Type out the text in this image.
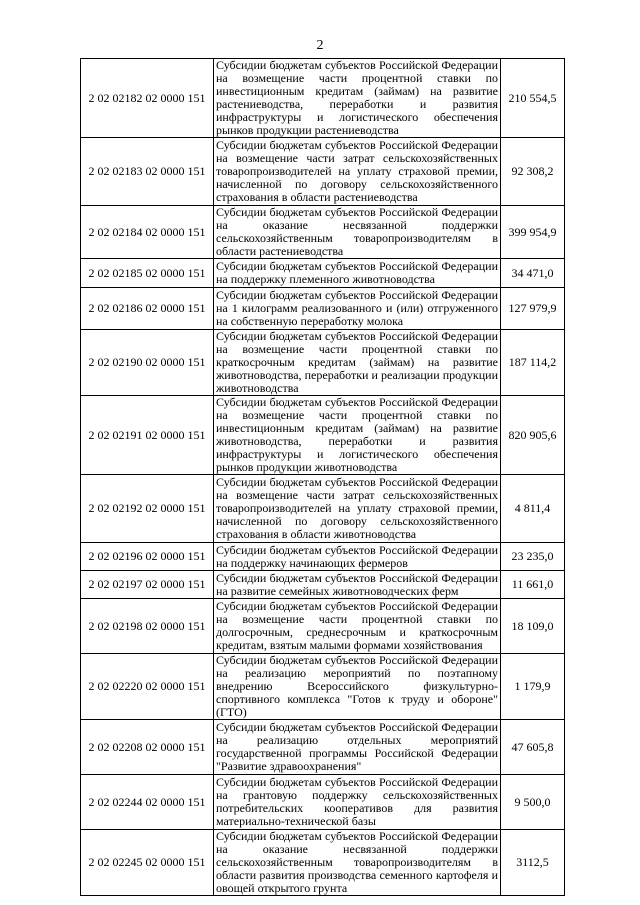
2
2 02 02182 02 0000 151	Субсидии бюджетам субъектов Российской Федерации на возмещение части процентной ставки по инвестиционным кредитам (займам) на развитие растениеводства, переработки и развития инфраструктуры и логистического обеспечения рынков продукции растениеводства	210 554,5
2 02 02183 02 0000 151	Субсидии бюджетам субъектов Российской Федерации на возмещение части затрат сельскохозяйственных товаропроизводителей на уплату страховой премии, начисленной по договору сельскохозяйственного страхования в области растениеводства	92 308,2
2 02 02184 02 0000 151	Субсидии бюджетам субъектов Российской Федерации на оказание несвязанной поддержки сельскохозяйственным товаропроизводителям в области растениеводства	399 954,9
2 02 02185 02 0000 151	Субсидии бюджетам субъектов Российской Федерации на поддержку племенного животноводства	34 471,0
2 02 02186 02 0000 151	Субсидии бюджетам субъектов Российской Федерации на 1 килограмм реализованного и (или) отгруженного на собственную переработку молока	127 979,9
2 02 02190 02 0000 151	Субсидии бюджетам субъектов Российской Федерации на возмещение части процентной ставки по краткосрочным кредитам (займам) на развитие животноводства, переработки и реализации продукции животноводства	187 114,2
2 02 02191 02 0000 151	Субсидии бюджетам субъектов Российской Федерации на возмещение части процентной ставки по инвестиционным кредитам (займам) на развитие животноводства, переработки и развития инфраструктуры и логистического обеспечения рынков продукции животноводства	820 905,6
2 02 02192 02 0000 151	Субсидии бюджетам субъектов Российской Федерации на возмещение части затрат сельскохозяйственных товаропроизводителей на уплату страховой премии, начисленной по договору сельскохозяйственного страхования в области животноводства	4 811,4
2 02 02196 02 0000 151	Субсидии бюджетам субъектов Российской Федерации на поддержку начинающих фермеров	23 235,0
2 02 02197 02 0000 151	Субсидии бюджетам субъектов Российской Федерации на развитие семейных животноводческих ферм	11 661,0
2 02 02198 02 0000 151	Субсидии бюджетам субъектов Российской Федерации на возмещение части процентной ставки по долгосрочным, среднесрочным и краткосрочным кредитам, взятым малыми формами хозяйствования	18 109,0
2 02 02220 02 0000 151	Субсидии бюджетам субъектов Российской Федерации на реализацию мероприятий по поэтапному внедрению Всероссийского физкультурно-спортивного комплекса "Готов к труду и обороне" (ГТО)	1 179,9
2 02 02208 02 0000 151	Субсидии бюджетам субъектов Российской Федерации на реализацию отдельных мероприятий государственной программы Российской Федерации "Развитие здравоохранения"	47 605,8
2 02 02244 02 0000 151	Субсидии бюджетам субъектов Российской Федерации на грантовую поддержку сельскохозяйственных потребительских кооперативов для развития материально-технической базы	9 500,0
2 02 02245 02 0000 151	Субсидии бюджетам субъектов Российской Федерации на оказание несвязанной поддержки сельскохозяйственным товаропроизводителям в области развития производства семенного картофеля и овощей открытого грунта	3112,5
